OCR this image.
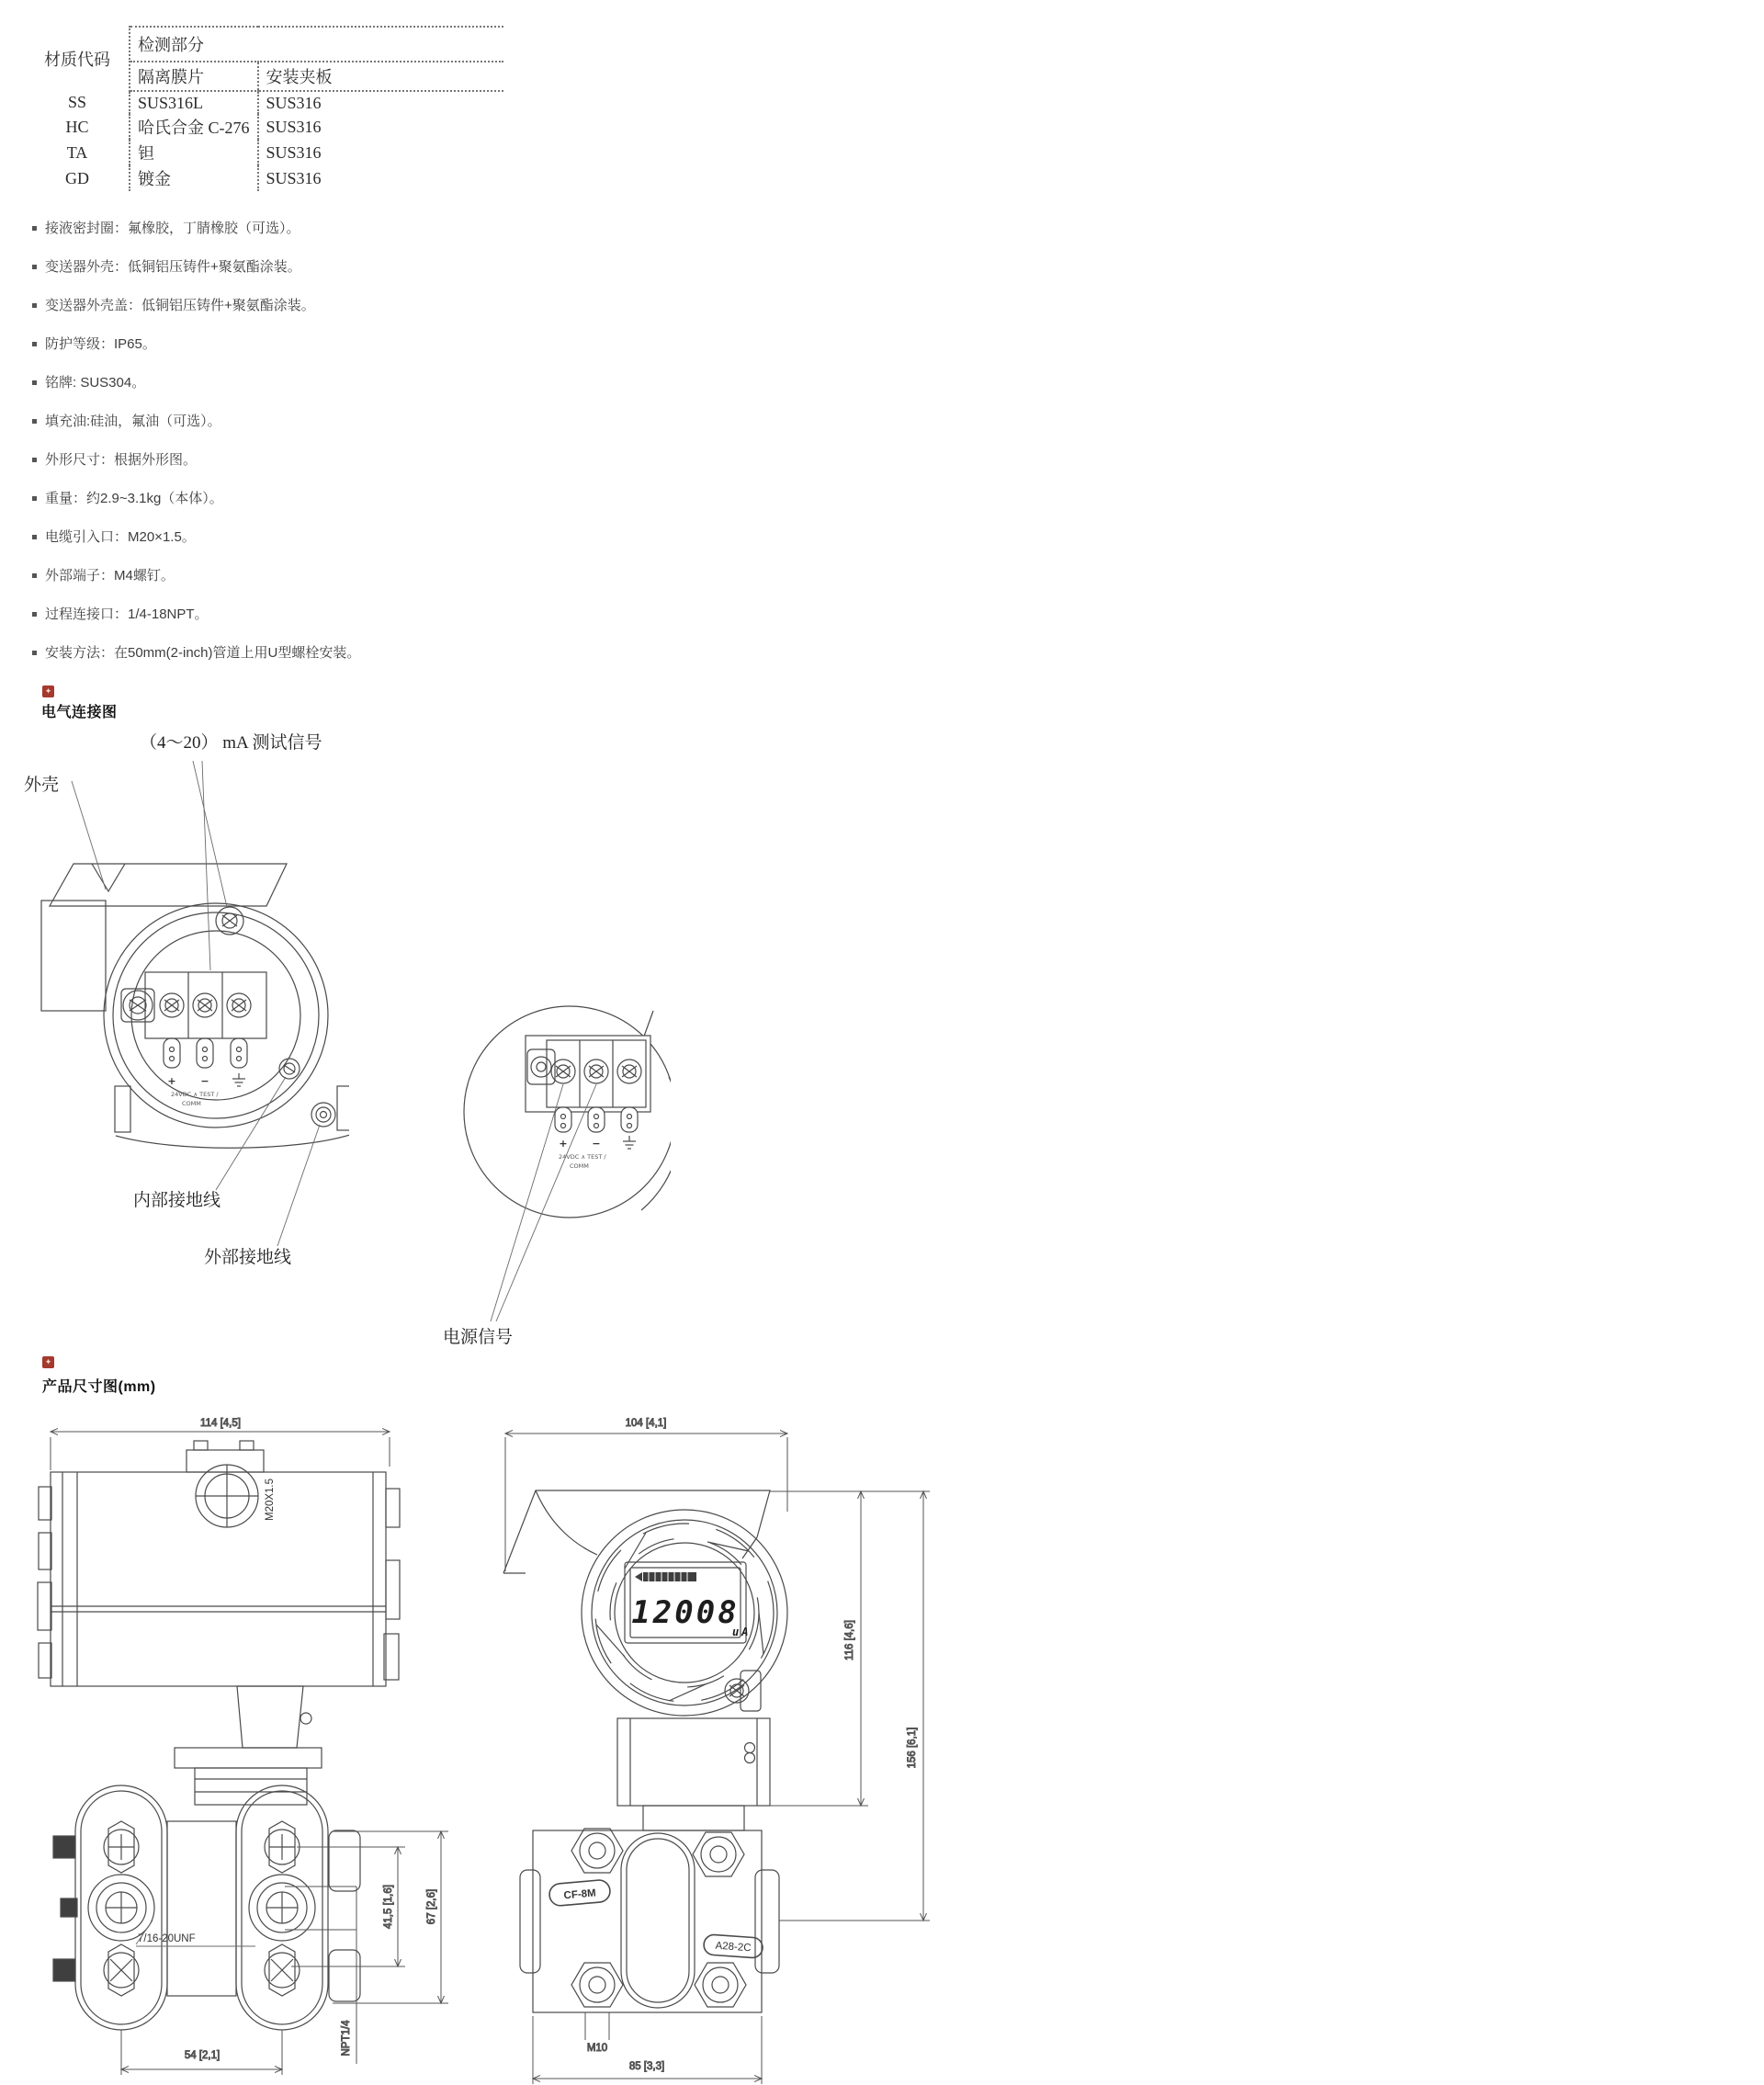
材质代码	检测部分	
	隔离膜片	安装夹板
SS	SUS316L	SUS316
HC	哈氏合金 C-276	SUS316
TA	钽	SUS316
GD	镀金	SUS316
接液密封圈：氟橡胶，丁腈橡胶（可选）。
变送器外壳：低铜铝压铸件+聚氨酯涂装。
变送器外壳盖：低铜铝压铸件+聚氨酯涂装。
防护等级：IP65。
铭牌: SUS304。
填充油:硅油，氟油（可选）。
外形尺寸：根据外形图。
重量：约2.9~3.1kg（本体）。
电缆引入口：M20×1.5。
外部端子：M4螺钉。
过程连接口：1/4-18NPT。
安装方法：在50mm(2-inch)管道上用U型螺栓安装。
✦
电气连接图
（4～20） mA 测试信号
外壳
内部接地线
外部接地线
电源信号
+ −
24VDC ∧ TEST ∕
COMM
+ −
24VDC ∧ TEST ∕
COMM
✦
产品尺寸图(mm)
114 [4,5]
M20X1.5
7/16-20UNF
41,5 [1,6]	67 [2,6]
NPT1/4
54 [2,1]
104 [4,1]
12008
uA
CF-8M
A28-2C
M10
85 [3,3]
116 [4,6]
156 [6,1]
